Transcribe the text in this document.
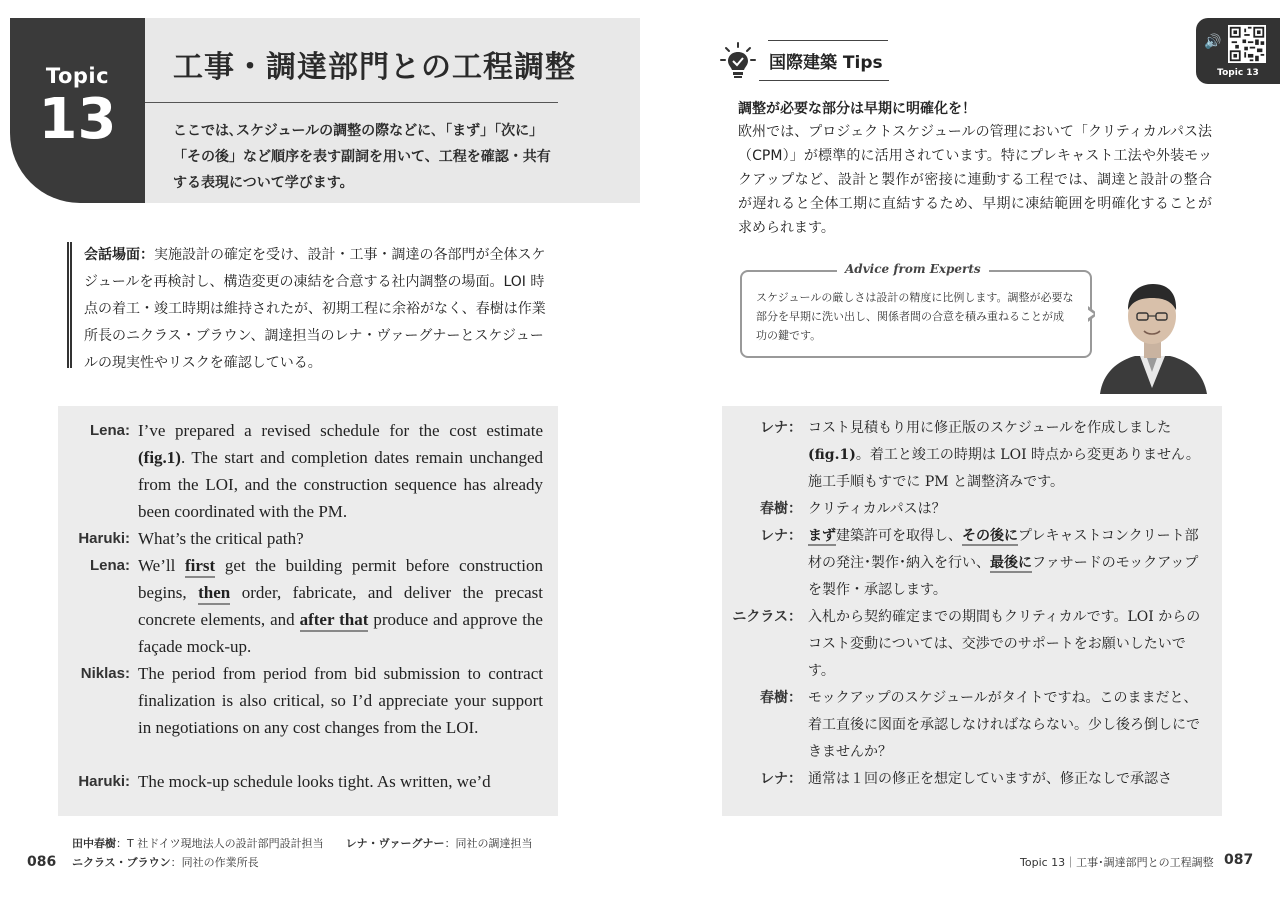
Topic
13
工事・調達部門との工程調整
ここでは､スケジュールの調整の際などに､「まず」「次に」「その後」など順序を表す副詞を用いて、工程を確認・共有する表現について学びます。
会話場面：実施設計の確定を受け、設計・工事・調達の各部門が全体スケジュールを再検討し、構造変更の凍結を合意する社内調整の場面。LOI 時点の着工・竣工時期は維持されたが、初期工程に余裕がなく、春樹は作業所長のニクラス・ブラウン、調達担当のレナ・ヴァーグナーとスケジュールの現実性やリスクを確認している。
Lena: I’ve prepared a revised schedule for the cost estimate (fig.1). The start and completion dates remain unchanged from the LOI, and the construction sequence has already been coordinated with the PM.
Haruki: What’s the critical path?
Lena: We’ll first get the building permit before construction begins, then order, fabricate, and deliver the precast concrete elements, and after that produce and approve the façade mock-up.
Niklas: The period from period from bid submission to contract finalization is also critical, so I’d appreciate your support in negotiations on any cost changes from the LOI.
Haruki: The mock-up schedule looks tight. As written, we’d
田中春樹：T 社ドイツ現地法人の設計部門設計担当　　 レナ・ヴァーグナー：同社の調達担当
ニクラス・ブラウン：同社の作業所長
086
国際建築 Tips
🔊
Topic 13
調整が必要な部分は早期に明確化を！
欧州では、プロジェクトスケジュールの管理において「クリティカルパス法（CPM）」が標準的に活用されています。特にプレキャスト工法や外装モックアップなど、設計と製作が密接に連動する工程では、調達と設計の整合が遅れると全体工期に直結するため、早期に凍結範囲を明確化することが求められます。
Advice from Experts
スケジュールの厳しさは設計の精度に比例します。調整が必要な部分を早期に洗い出し、関係者間の合意を積み重ねることが成功の鍵です。
レナ： コスト見積もり用に修正版のスケジュールを作成しました(fig.1)。着工と竣工の時期は LOI 時点から変更ありません。施工手順もすでに PM と調整済みです。
春樹： クリティカルパスは？
レナ： まず建築許可を取得し、その後にプレキャストコンクリート部材の発注･製作･納入を行い、最後にファサードのモックアップを製作・承認します。
ニクラス： 入札から契約確定までの期間もクリティカルです。LOI からのコスト変動については、交渉でのサポートをお願いしたいです。
春樹： モックアップのスケジュールがタイトですね。このままだと、着工直後に図面を承認しなければならない。少し後ろ倒しにできませんか？
レナ： 通常は１回の修正を想定していますが、修正なしで承認さ
Topic 13｜工事･調達部門との工程調整 087
